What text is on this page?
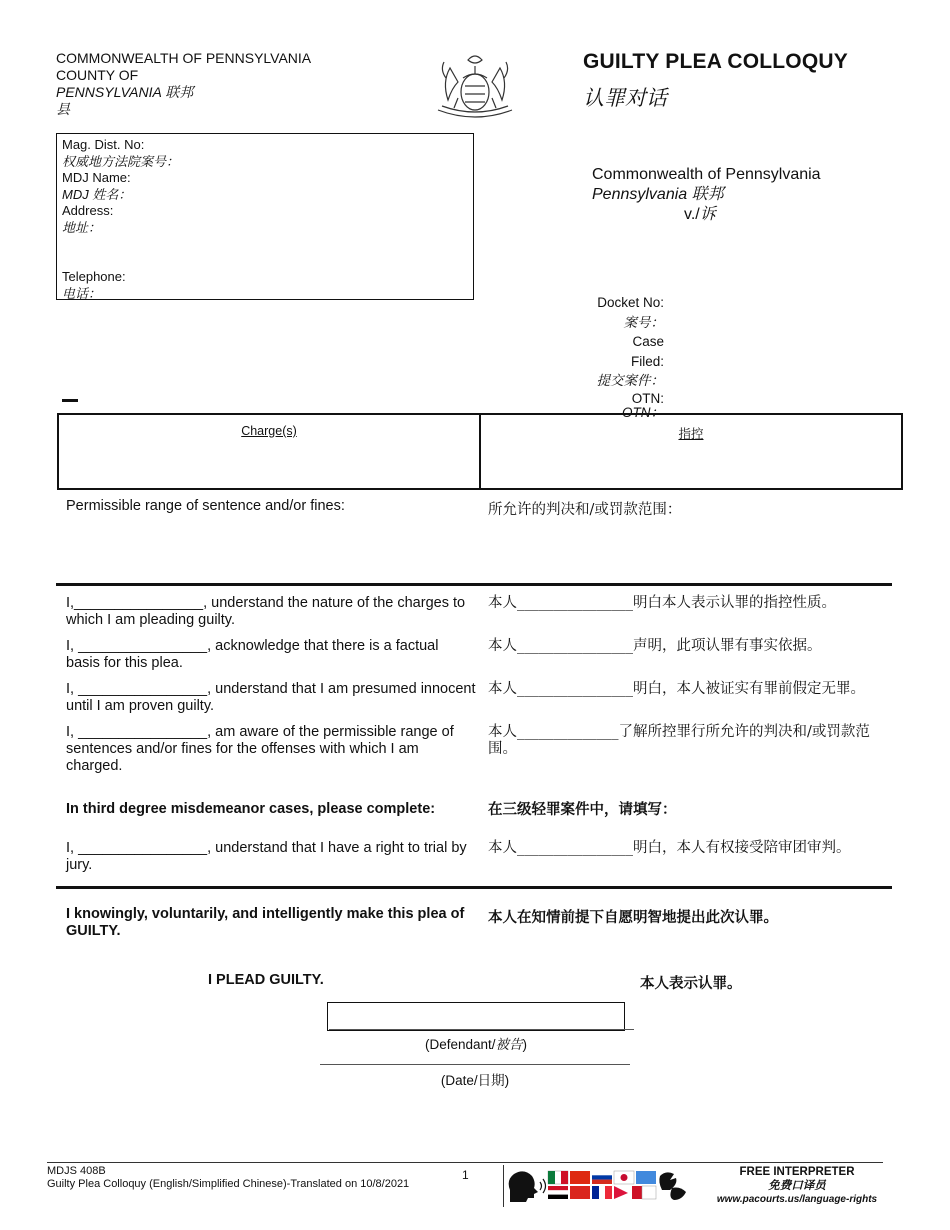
COMMONWEALTH OF PENNSYLVANIA
COUNTY OF
PENNSYLVANIA 联邦
县
GUILTY PLEA COLLOQUY
认罪对话
Mag. Dist. No:
权威地方法院案号：
MDJ Name:
MDJ 姓名：
Address:
地址：
Telephone:
电话：
Commonwealth of Pennsylvania
Pennsylvania 联邦
v./诉
Docket No:
案号：
Case Filed:
提交案件：
OTN:
OTN：
Charge(s)	指控
Permissible range of sentence and/or fines:	所允许的判决和/或罚款范围：
I,________________, understand the nature of the charges to which I am pleading guilty.
本人________________明白本人表示认罪的指控性质。
I, ________________, acknowledge that there is a factual basis for this plea.
本人________________声明，此项认罪有事实依据。
I, ________________, understand that I am presumed innocent until I am proven guilty.
本人________________明白，本人被证实有罪前假定无罪。
I, ________________, am aware of the permissible range of sentences and/or fines for the offenses with which I am charged.
本人______________了解所控罪行所允许的判决和/或罚款范围。
In third degree misdemeanor cases, please complete:	在三级轻罪案件中，请填写：
I, ________________, understand that I have a right to trial by jury.
本人________________明白，本人有权接受陪审团审判。
I knowingly, voluntarily, and intelligently make this plea of GUILTY.
本人在知情前提下自愿明智地提出此次认罪。
I PLEAD GUILTY.	本人表示认罪。
(Defendant/被告)
(Date/日期)
MDJS 408B
Guilty Plea Colloquy (English/Simplified Chinese)-Translated on 10/8/2021
1	FREE INTERPRETER
免费口译员
www.pacourts.us/language-rights
